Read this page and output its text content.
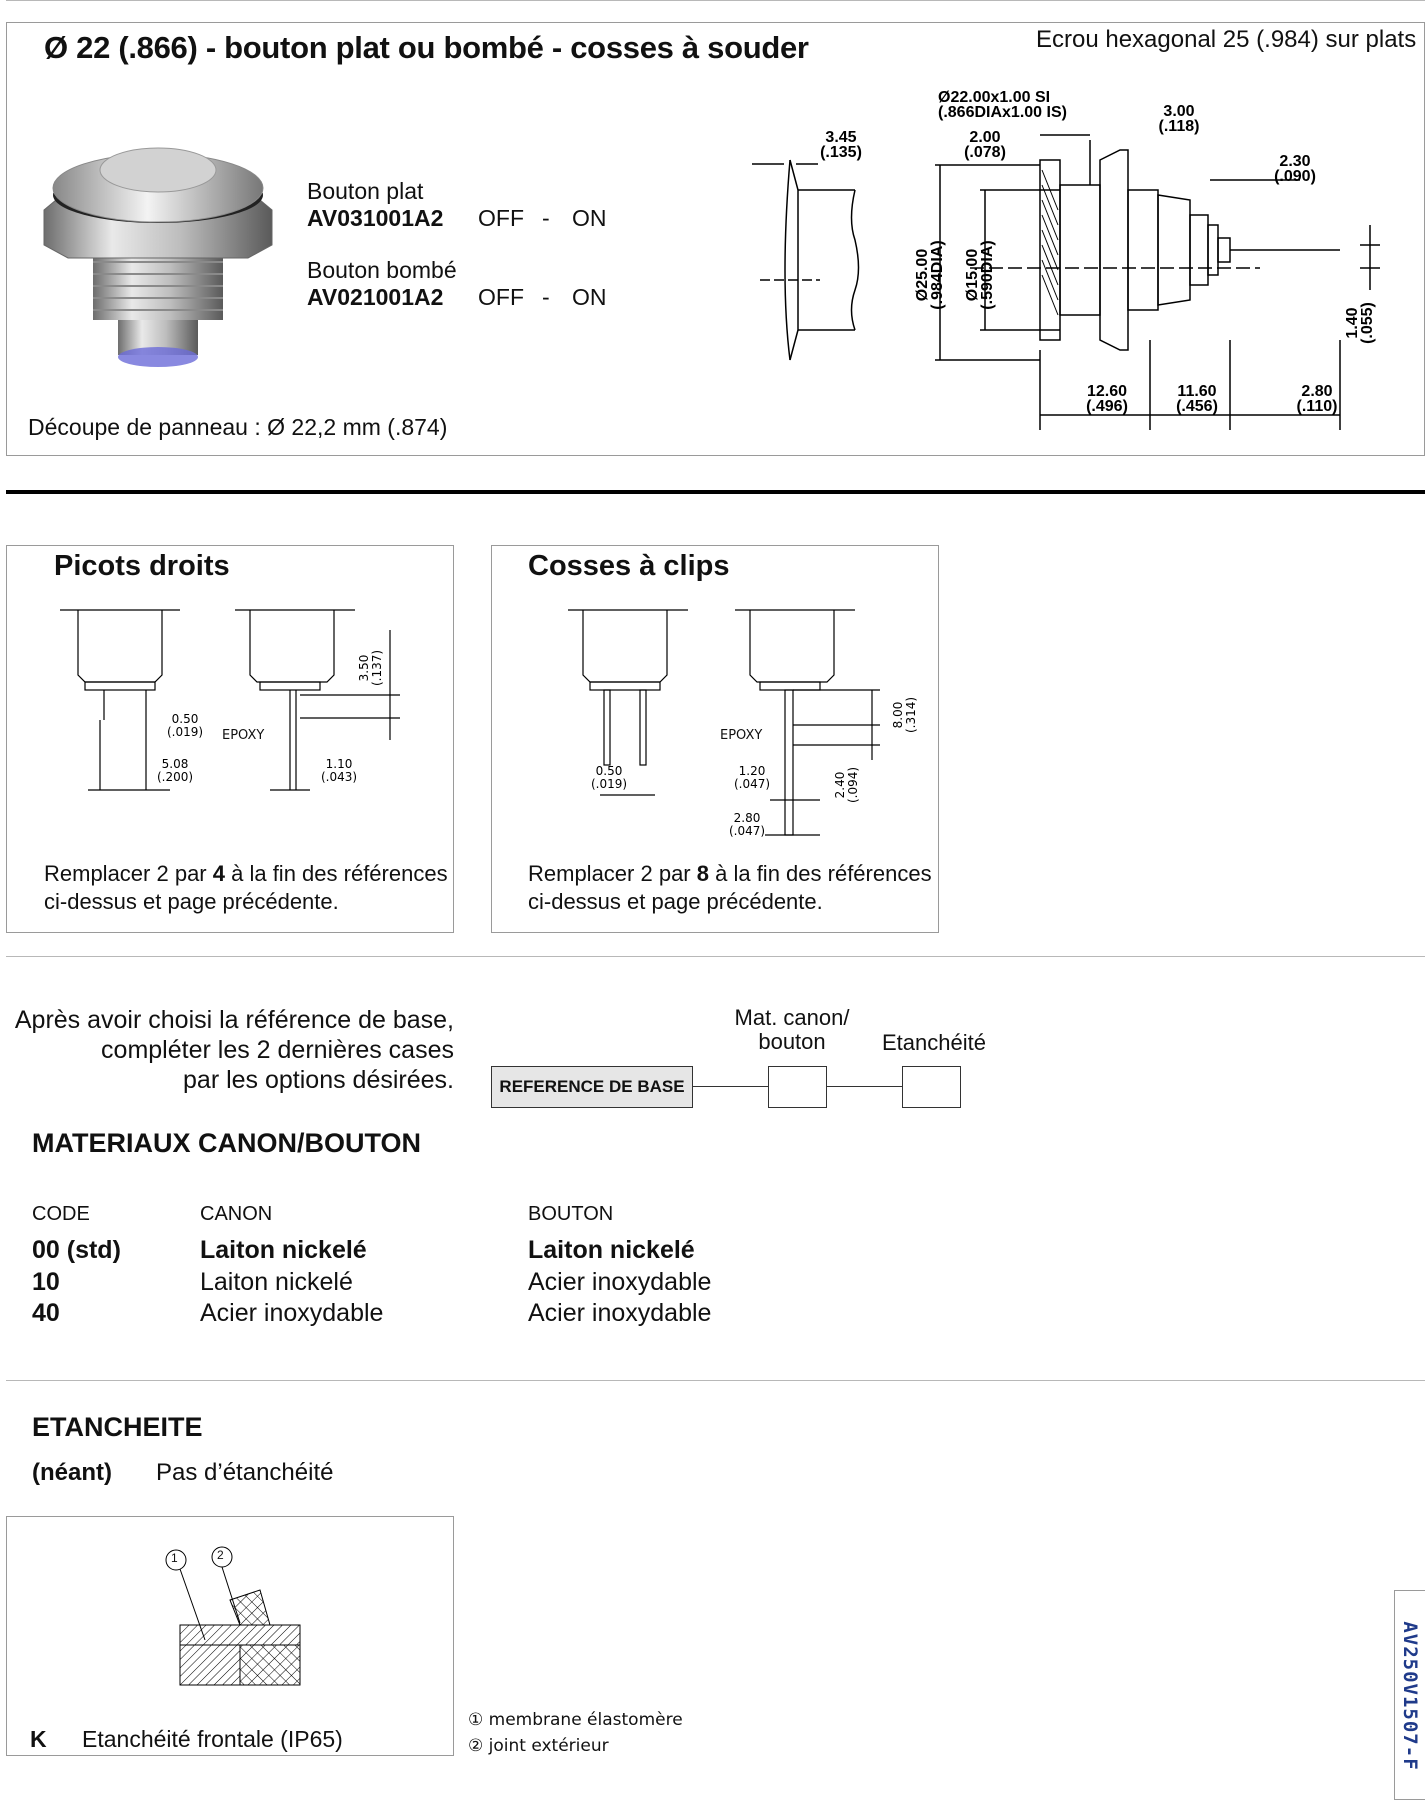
Ø 22 (.866) - bouton plat ou bombé - cosses à souder	Ecrou hexagonal 25 (.984) sur plats
Bouton plat
AV031001A2 OFF - ON
Bouton bombé
AV021001A2 OFF - ON
Découpe de panneau : Ø 22,2 mm (.874)
3.45
(.135)
Ø22.00x1.00 SI
(.866DIAx1.00 IS)
2.00
(.078)
3.00
(.118)
2.30
(.090)
Ø25.00
(.984DIA) Ø15.00
(.590DIA)
1.40
(.055)
12.60
(.496)
11.60
(.456)
2.80
(.110)
Picots droits
3.50 (.137)
0.50
(.019)	EPOXY
5.08
(.200)
1.10
(.043)
Remplacer 2 par 4 à la fin des références
ci-dessus et page précédente.
Cosses à clips
EPOXY
8.00 (.314)
0.50
(.019)
1.20
(.047)	2.40 (.094)
2.80
(.047)
Remplacer 2 par 8 à la fin des références
ci-dessus et page précédente.
Après avoir choisi la référence de base,
compléter les 2 dernières cases
par les options désirées.	REFERENCE DE BASE
Mat. canon/
bouton	Etanchéité
MATERIAUX CANON/BOUTON
CODE	CANON	BOUTON
00 (std)	Laiton nickelé	Laiton nickelé
10	Laiton nickelé	Acier inoxydable
40	Acier inoxydable	Acier inoxydable
ETANCHEITE
(néant) Pas d’étanchéité
K Etanchéité frontale (IP65)
① membrane élastomère
② joint extérieur
1	2
AV250V1507-F
